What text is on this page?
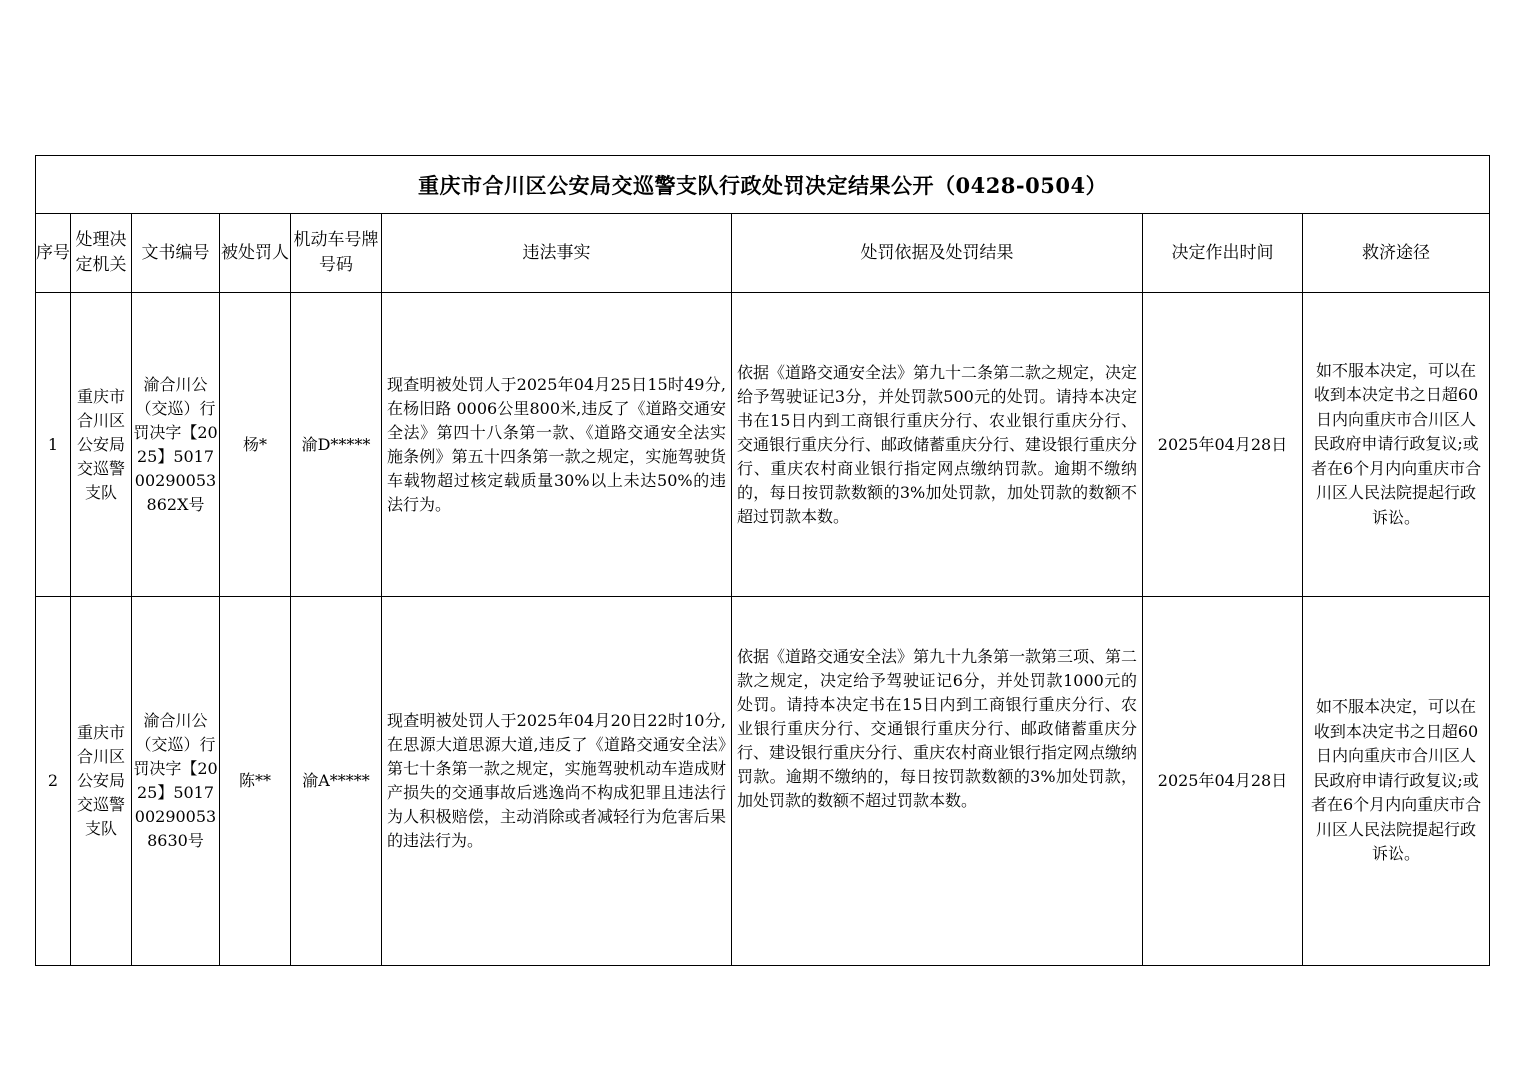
重庆市合川区公安局交巡警支队行政处罚决定结果公开（0428-0504）								
序号	处理决定机关	文书编号	被处罚人	机动车号牌号码	违法事实	处罚依据及处罚结果	决定作出时间	救济途径
1	重庆市合川区公安局交巡警支队	渝合川公（交巡）行罚决字【2025】501700290053862X号	杨*	渝D*****	现查明被处罚人于2025年04月25日15时49分,在杨旧路 0006公里800米,违反了《道路交通安全法》第四十八条第一款、《道路交通安全法实施条例》第五十四条第一款之规定，实施驾驶货车载物超过核定载质量30%以上未达50%的违法行为。	依据《道路交通安全法》第九十二条第二款之规定，决定给予驾驶证记3分，并处罚款500元的处罚。请持本决定书在15日内到工商银行重庆分行、农业银行重庆分行、交通银行重庆分行、邮政储蓄重庆分行、建设银行重庆分行、重庆农村商业银行指定网点缴纳罚款。逾期不缴纳的，每日按罚款数额的3%加处罚款，加处罚款的数额不超过罚款本数。	2025年04月28日	如不服本决定，可以在收到本决定书之日超60日内向重庆市合川区人民政府申请行政复议;或者在6个月内向重庆市合川区人民法院提起行政诉讼。
2	重庆市合川区公安局交巡警支队	渝合川公（交巡）行罚决字【2025】5017002900538630号	陈**	渝A*****	现查明被处罚人于2025年04月20日22时10分,在思源大道思源大道,违反了《道路交通安全法》第七十条第一款之规定，实施驾驶机动车造成财产损失的交通事故后逃逸尚不构成犯罪且违法行为人积极赔偿，主动消除或者减轻行为危害后果的违法行为。	依据《道路交通安全法》第九十九条第一款第三项、第二款之规定，决定给予驾驶证记6分，并处罚款1000元的处罚。请持本决定书在15日内到工商银行重庆分行、农业银行重庆分行、交通银行重庆分行、邮政储蓄重庆分行、建设银行重庆分行、重庆农村商业银行指定网点缴纳罚款。逾期不缴纳的，每日按罚款数额的3%加处罚款，加处罚款的数额不超过罚款本数。	2025年04月28日	如不服本决定，可以在收到本决定书之日超60日内向重庆市合川区人民政府申请行政复议;或者在6个月内向重庆市合川区人民法院提起行政诉讼。
